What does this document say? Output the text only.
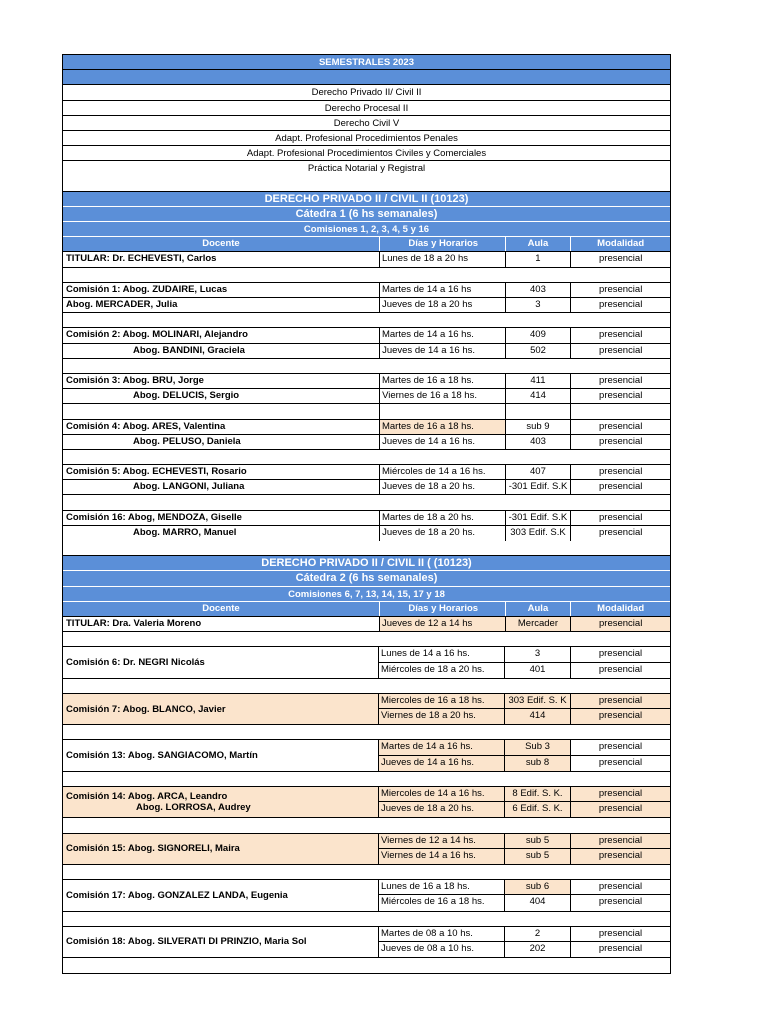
SEMESTRALES 2023
Derecho Privado II/ Civil II
Derecho Procesal II
Derecho Civil V
Adapt. Profesional Procedimientos Penales
Adapt. Profesional Procedimientos Civiles y Comerciales
Práctica Notarial y Registral
DERECHO PRIVADO II / CIVIL II (10123)
Cátedra 1 (6 hs semanales)
Comisiones 1, 2, 3, 4, 5 y 16
Docente	Días y Horarios	Aula	Modalidad
TITULAR: Dr. ECHEVESTI, Carlos	Lunes de 18 a 20 hs	1	presencial
Comisión 1: Abog. ZUDAIRE, Lucas	Martes de 14 a 16 hs	403	presencial
Abog. MERCADER, Julia	Jueves de 18 a 20 hs	3	presencial
Comisión 2: Abog. MOLINARI, Alejandro	Martes de 14 a 16 hs.	409	presencial
Abog. BANDINI, Graciela	Jueves de 14 a 16 hs.	502	presencial
Comisión 3: Abog. BRU, Jorge	Martes de 16 a 18 hs.	411	presencial
Abog. DELUCIS, Sergio	Viernes de 16 a 18 hs.	414	presencial
Comisión 4: Abog. ARES, Valentina	Martes de 16 a 18 hs.	sub 9	presencial
Abog. PELUSO, Daniela	Jueves de 14 a 16 hs.	403	presencial
Comisión 5: Abog. ECHEVESTI, Rosario	Miércoles de 14 a 16 hs.	407	presencial
Abog. LANGONI, Juliana	Jueves de 18 a 20 hs.	-301 Edif. S.K	presencial
Comisión 16: Abog, MENDOZA, Giselle	Martes de 18 a 20 hs.	-301 Edif. S.K	presencial
Abog. MARRO, Manuel	Jueves de 18 a 20 hs.	303 Edif. S.K	presencial
DERECHO PRIVADO II / CIVIL II ( (10123)
Cátedra 2 (6 hs semanales)
Comisiones 6, 7, 13, 14, 15, 17 y 18
Docente	Días y Horarios	Aula	Modalidad
TITULAR: Dra. Valeria Moreno	Jueves de 12 a 14 hs	Mercader	presencial
Comisión 6: Dr. NEGRI Nicolás
Lunes de 14 a 16 hs.	3	presencial
Miércoles de 18 a 20 hs.	401	presencial
Comisión 7: Abog. BLANCO, Javier
Miercoles de 16 a 18 hs.	303 Edif. S. K	presencial
Viernes de 18 a 20 hs.	414	presencial
Comisión 13: Abog. SANGIACOMO, Martín
Martes de 14 a 16 hs.	Sub 3	presencial
Jueves de 14 a 16 hs.	sub 8	presencial
Comisión 14: Abog. ARCA, Leandro
Abog. LORROSA, Audrey
Miercoles de 14 a 16 hs.	8 Edif. S. K.	presencial
Jueves de 18 a 20 hs.	6 Edif. S. K.	presencial
Comisión 15: Abog. SIGNORELI, Maira
Viernes de 12 a 14 hs.	sub 5	presencial
Viernes de 14 a 16 hs.	sub 5	presencial
Comisión 17: Abog. GONZALEZ LANDA, Eugenia
Lunes de 16 a 18 hs.	sub 6	presencial
Miércoles de 16 a 18 hs.	404	presencial
Comisión 18: Abog. SILVERATI DI PRINZIO, Maria Sol
Martes de 08 a 10 hs.	2	presencial
Jueves de 08 a 10 hs.	202	presencial
